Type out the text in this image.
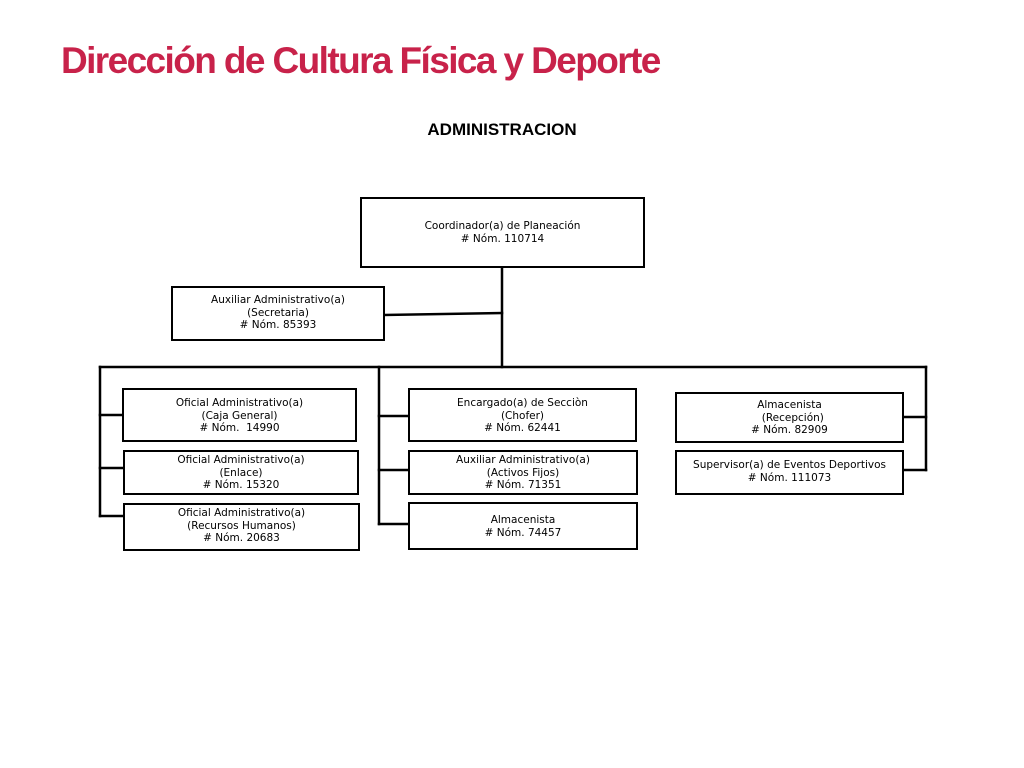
Dirección de Cultura Física y Deporte
ADMINISTRACION
Coordinador(a) de Planeación
# Nóm. 110714
Auxiliar Administrativo(a)
(Secretaria)
# Nóm. 85393
Oficial Administrativo(a)
(Caja General)
# Nóm.  14990
Oficial Administrativo(a)
(Enlace)
# Nóm. 15320
Oficial Administrativo(a)
(Recursos Humanos)
# Nóm. 20683
Encargado(a) de Secciòn
(Chofer)
# Nóm. 62441
Auxiliar Administrativo(a)
(Activos Fijos)
# Nóm. 71351
Almacenista
# Nóm. 74457
Almacenista
(Recepción)
# Nóm. 82909
Supervisor(a) de Eventos Deportivos
# Nóm. 111073
